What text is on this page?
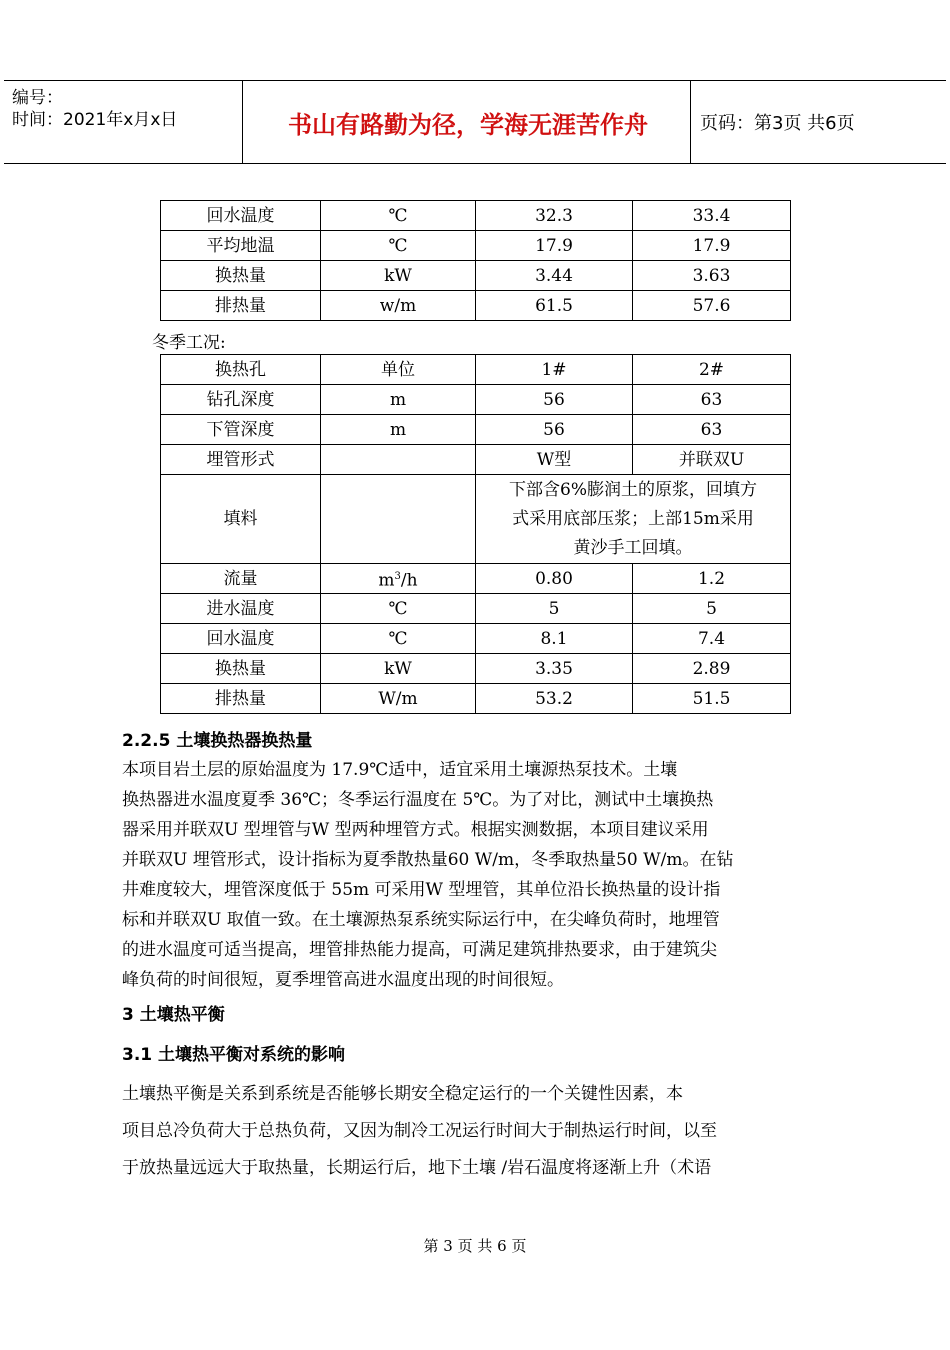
编号：
时间：2021年x月x日	书山有路勤为径，学海无涯苦作舟	页码：第3页 共6页
回水温度	℃	32.3	33.4
平均地温	℃	17.9	17.9
换热量	kW	3.44	3.63
排热量	w/m	61.5	57.6
冬季工况:
换热孔	单位	1#	2#
钻孔深度	m	56	63
下管深度	m	56	63
埋管形式		W型	并联双U
填料		下部含6%膨润土的原浆，回填方
式采用底部压浆；上部15m采用
黄沙手工回填。	

流量	$m^3/h$	0.80	1.2
进水温度	℃	5	5
回水温度	℃	8.1	7.4
换热量	kW	3.35	2.89
排热量	W/m	53.2	51.5
2.2.5 土壤换热器换热量
本项目岩土层的原始温度为 17.9℃适中，适宜采用土壤源热泵技术。土壤
换热器进水温度夏季 36℃；冬季运行温度在 5℃。为了对比，测试中土壤换热
器采用并联双U 型埋管与W 型两种埋管方式。根据实测数据，本项目建议采用
并联双U 埋管形式，设计指标为夏季散热量60 W/m，冬季取热量50 W/m。在钻
井难度较大，埋管深度低于 55m 可采用W 型埋管，其单位沿长换热量的设计指
标和并联双U 取值一致。在土壤源热泵系统实际运行中，在尖峰负荷时，地埋管
的进水温度可适当提高，埋管排热能力提高，可满足建筑排热要求，由于建筑尖
峰负荷的时间很短，夏季埋管高进水温度出现的时间很短。
3 土壤热平衡
3.1 土壤热平衡对系统的影响
土壤热平衡是关系到系统是否能够长期安全稳定运行的一个关键性因素，本
项目总冷负荷大于总热负荷，又因为制冷工况运行时间大于制热运行时间，以至
于放热量远远大于取热量，长期运行后，地下土壤 /岩石温度将逐渐上升（术语
第 3 页 共 6 页
